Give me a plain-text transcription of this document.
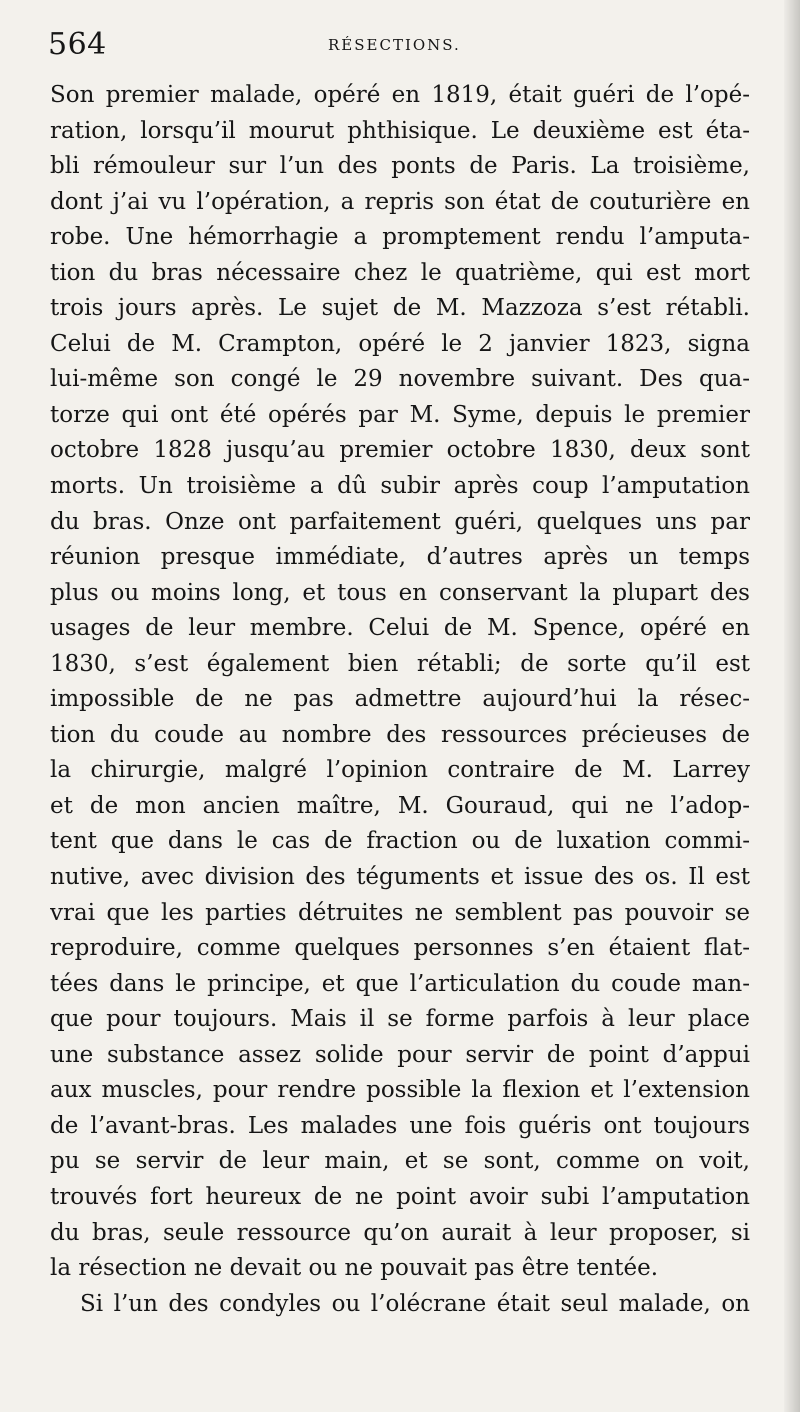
564	RÉSECTIONS.
Son premier malade, opéré en 1819, était guéri de l’opé-
ration, lorsqu’il mourut phthisique. Le deuxième est éta-
bli rémouleur sur l’un des ponts de Paris. La troisième,
dont j’ai vu l’opération, a repris son état de couturière en
robe. Une hémorrhagie a promptement rendu l’amputa-
tion du bras nécessaire chez le quatrième, qui est mort
trois jours après. Le sujet de M. Mazzoza s’est rétabli.
Celui de M. Crampton, opéré le 2 janvier 1823, signa
lui-même son congé le 29 novembre suivant. Des qua-
torze qui ont été opérés par M. Syme, depuis le premier
octobre 1828 jusqu’au premier octobre 1830, deux sont
morts. Un troisième a dû subir après coup l’amputation
du bras. Onze ont parfaitement guéri, quelques uns par
réunion presque immédiate, d’autres après un temps
plus ou moins long, et tous en conservant la plupart des
usages de leur membre. Celui de M. Spence, opéré en
1830, s’est également bien rétabli; de sorte qu’il est
impossible de ne pas admettre aujourd’hui la résec-
tion du coude au nombre des ressources précieuses de
la chirurgie, malgré l’opinion contraire de M. Larrey
et de mon ancien maître, M. Gouraud, qui ne l’adop-
tent que dans le cas de fraction ou de luxation commi-
nutive, avec division des téguments et issue des os. Il est
vrai que les parties détruites ne semblent pas pouvoir se
reproduire, comme quelques personnes s’en étaient flat-
tées dans le principe, et que l’articulation du coude man-
que pour toujours. Mais il se forme parfois à leur place
une substance assez solide pour servir de point d’appui
aux muscles, pour rendre possible la flexion et l’extension
de l’avant-bras. Les malades une fois guéris ont toujours
pu se servir de leur main, et se sont, comme on voit,
trouvés fort heureux de ne point avoir subi l’amputation
du bras, seule ressource qu’on aurait à leur proposer, si
la résection ne devait ou ne pouvait pas être tentée.
Si l’un des condyles ou l’olécrane était seul malade, on
